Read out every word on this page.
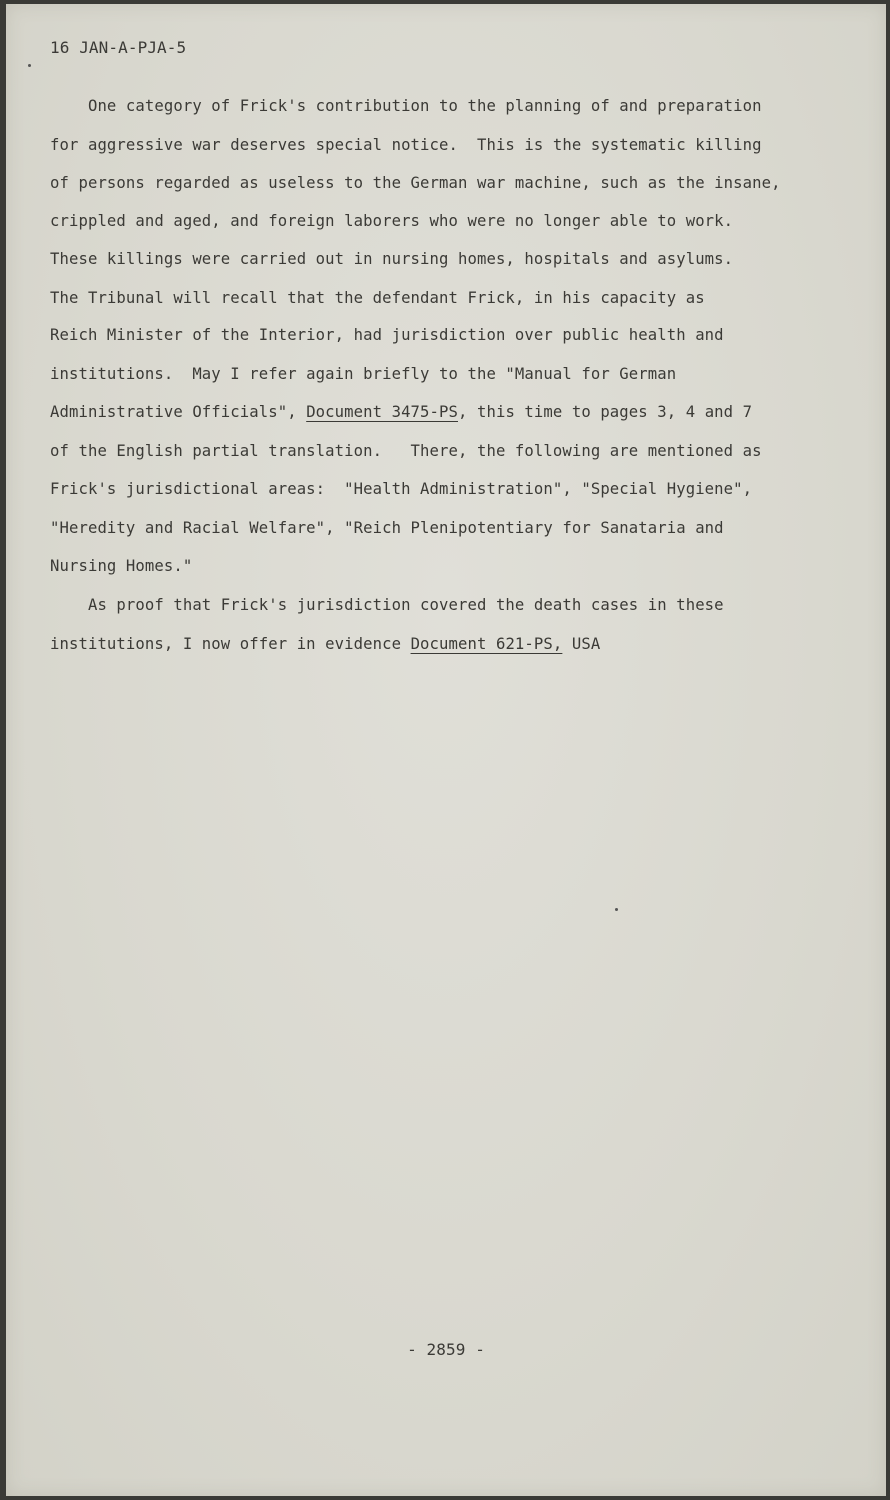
16 JAN-A-PJA-5
One category of Frick's contribution to the planning of and preparation
for aggressive war deserves special notice.  This is the systematic killing
of persons regarded as useless to the German war machine, such as the insane,
crippled and aged, and foreign laborers who were no longer able to work.
These killings were carried out in nursing homes, hospitals and asylums.
The Tribunal will recall that the defendant Frick, in his capacity as
Reich Minister of the Interior, had jurisdiction over public health and
institutions.  May I refer again briefly to the "Manual for German
Administrative Officials", Document 3475-PS, this time to pages 3, 4 and 7
of the English partial translation.   There, the following are mentioned as
Frick's jurisdictional areas:  "Health Administration", "Special Hygiene",
"Heredity and Racial Welfare", "Reich Plenipotentiary for Sanataria and
Nursing Homes."
As proof that Frick's jurisdiction covered the death cases in these
institutions, I now offer in evidence Document 621-PS, USA
- 2859 -
